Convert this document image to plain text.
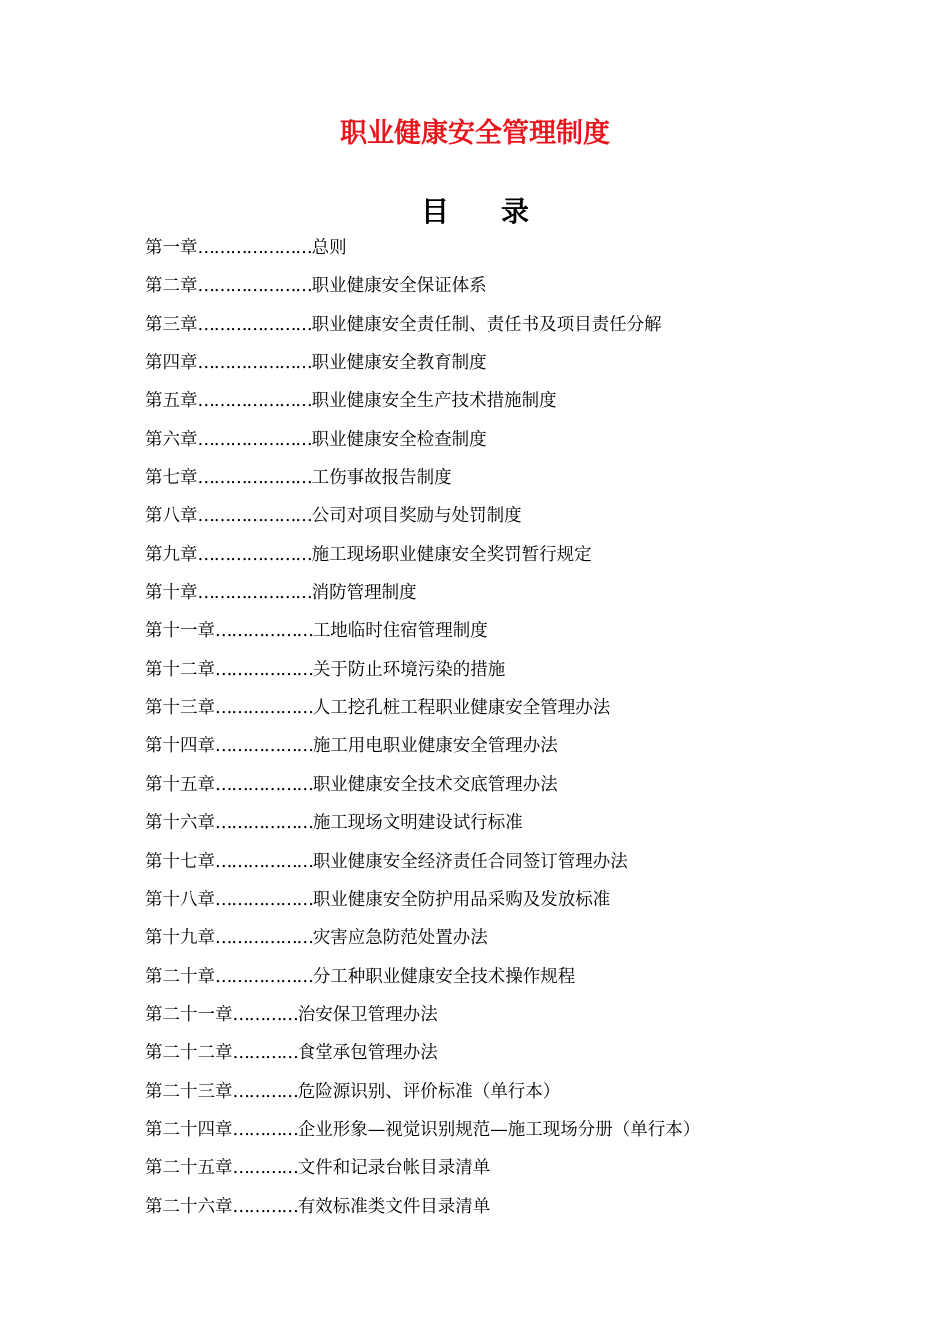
职业健康安全管理制度
目 录
第一章…………………总则
第二章…………………职业健康安全保证体系
第三章…………………职业健康安全责任制、责任书及项目责任分解
第四章…………………职业健康安全教育制度
第五章…………………职业健康安全生产技术措施制度
第六章…………………职业健康安全检查制度
第七章…………………工伤事故报告制度
第八章…………………公司对项目奖励与处罚制度
第九章…………………施工现场职业健康安全奖罚暂行规定
第十章…………………消防管理制度
第十一章………………工地临时住宿管理制度
第十二章………………关于防止环境污染的措施
第十三章………………人工挖孔桩工程职业健康安全管理办法
第十四章………………施工用电职业健康安全管理办法
第十五章………………职业健康安全技术交底管理办法
第十六章………………施工现场文明建设试行标准
第十七章………………职业健康安全经济责任合同签订管理办法
第十八章………………职业健康安全防护用品采购及发放标准
第十九章………………灾害应急防范处置办法
第二十章………………分工种职业健康安全技术操作规程
第二十一章…………治安保卫管理办法
第二十二章…………食堂承包管理办法
第二十三章…………危险源识别、评价标准（单行本）
第二十四章…………企业形象—视觉识别规范—施工现场分册（单行本）
第二十五章…………文件和记录台帐目录清单
第二十六章…………有效标准类文件目录清单
